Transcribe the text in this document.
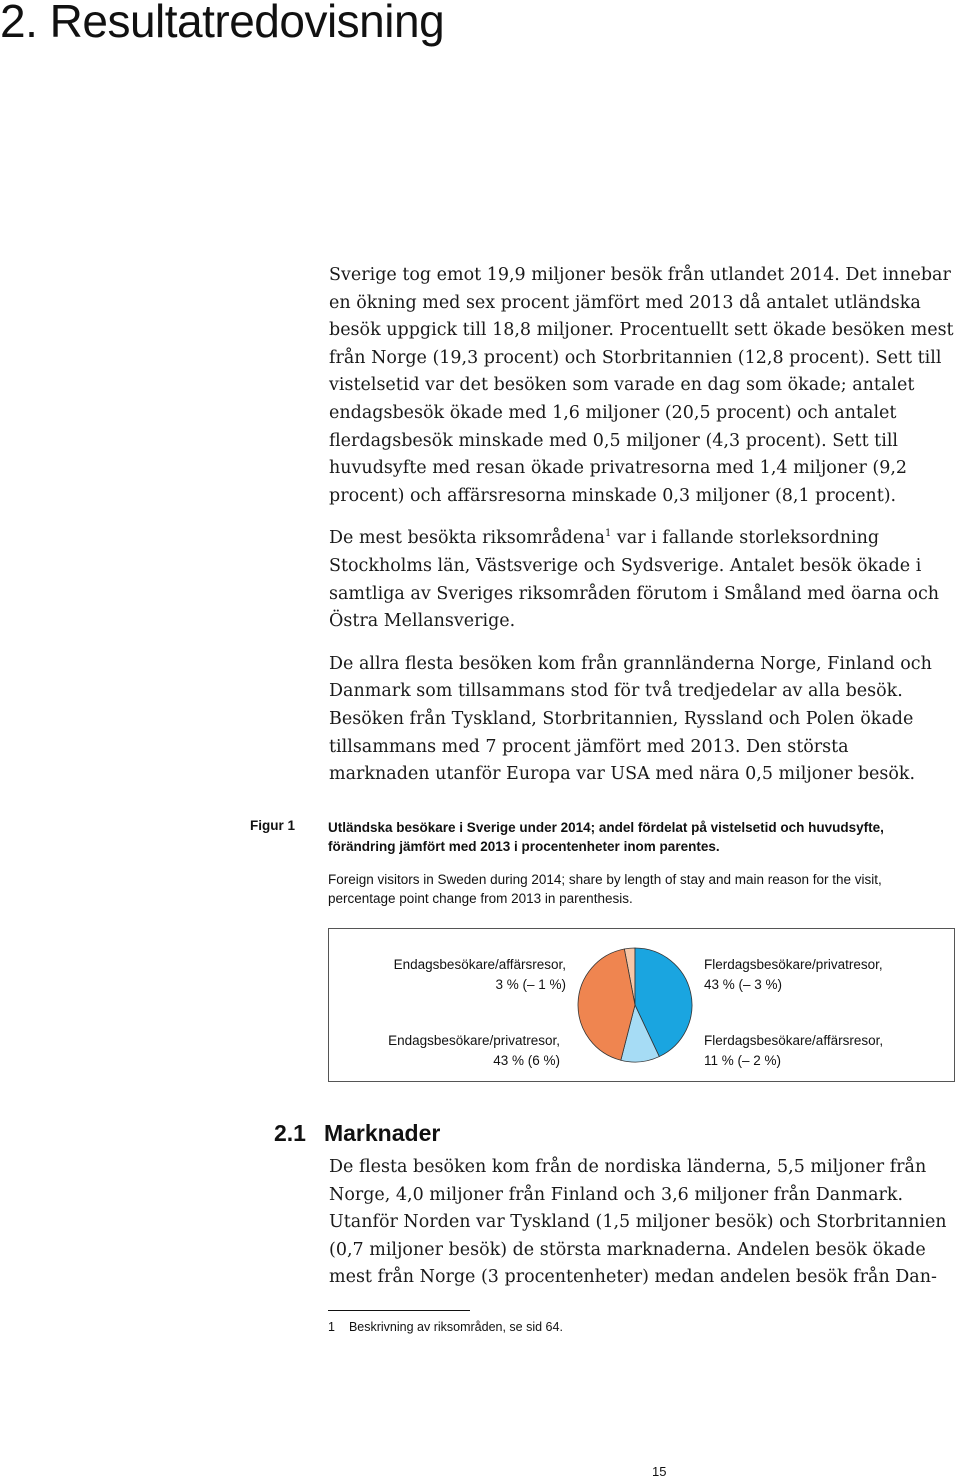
2. Resultatredovisning

Sverige tog emot 19,9 miljoner besök från utlandet 2014. Det innebar en ökning med sex procent jämfört med 2013 då antalet utländska besök uppgick till 18,8 miljoner. Procentuellt sett ökade besöken mest från Norge (19,3 procent) och Storbritannien (12,8 procent). Sett till vistelsetid var det besöken som varade en dag som ökade; antalet endagsbesök ökade med 1,6 miljoner (20,5 procent) och antalet flerdagsbesök minskade med 0,5 miljoner (4,3 procent). Sett till huvudsyfte med resan ökade privatresorna med 1,4 miljoner (9,2 procent) och affärsresorna minskade 0,3 miljoner (8,1 procent).

De mest besökta riksområdena$^1$ var i fallande storleksordning Stockholms län, Västsverige och Sydsverige. Antalet besök ökade i samtliga av Sveriges riksområden förutom i Småland med öarna och Östra Mellansverige.

De allra flesta besöken kom från grannländerna Norge, Finland och Danmark som tillsammans stod för två tredjedelar av alla besök. Besöken från Tyskland, Storbritannien, Ryssland och Polen ökade tillsammans med 7 procent jämfört med 2013. Den största marknaden utanför Europa var USA med nära 0,5 miljoner besök.

Figur 1 Utländska besökare i Sverige under 2014; andel fördelat på vistelsetid och huvudsyfte, förändring jämfört med 2013 i procentenheter inom parentes.
Foreign visitors in Sweden during 2014; share by length of stay and main reason for the visit, percentage point change from 2013 in parenthesis.
Endagsbesökare/affärsresor,
3 % (– 1 %)
Flerdagsbesökare/privatresor,
43 % (– 3 %)
Flerdagsbesökare/affärsresor,
11 % (– 2 %)
Endagsbesökare/privatresor,
43 % (6 %)
2.1 Marknader

De flesta besöken kom från de nordiska länderna, 5,5 miljoner från Norge, 4,0 miljoner från Finland och 3,6 miljoner från Danmark. Utanför Norden var Tyskland (1,5 miljoner besök) och Storbritannien (0,7 miljoner besök) de största marknaderna. Andelen besök ökade mest från Norge (3 procentenheter) medan andelen besök från Dan-

1 Beskrivning av riksområden, se sid 64.
15
